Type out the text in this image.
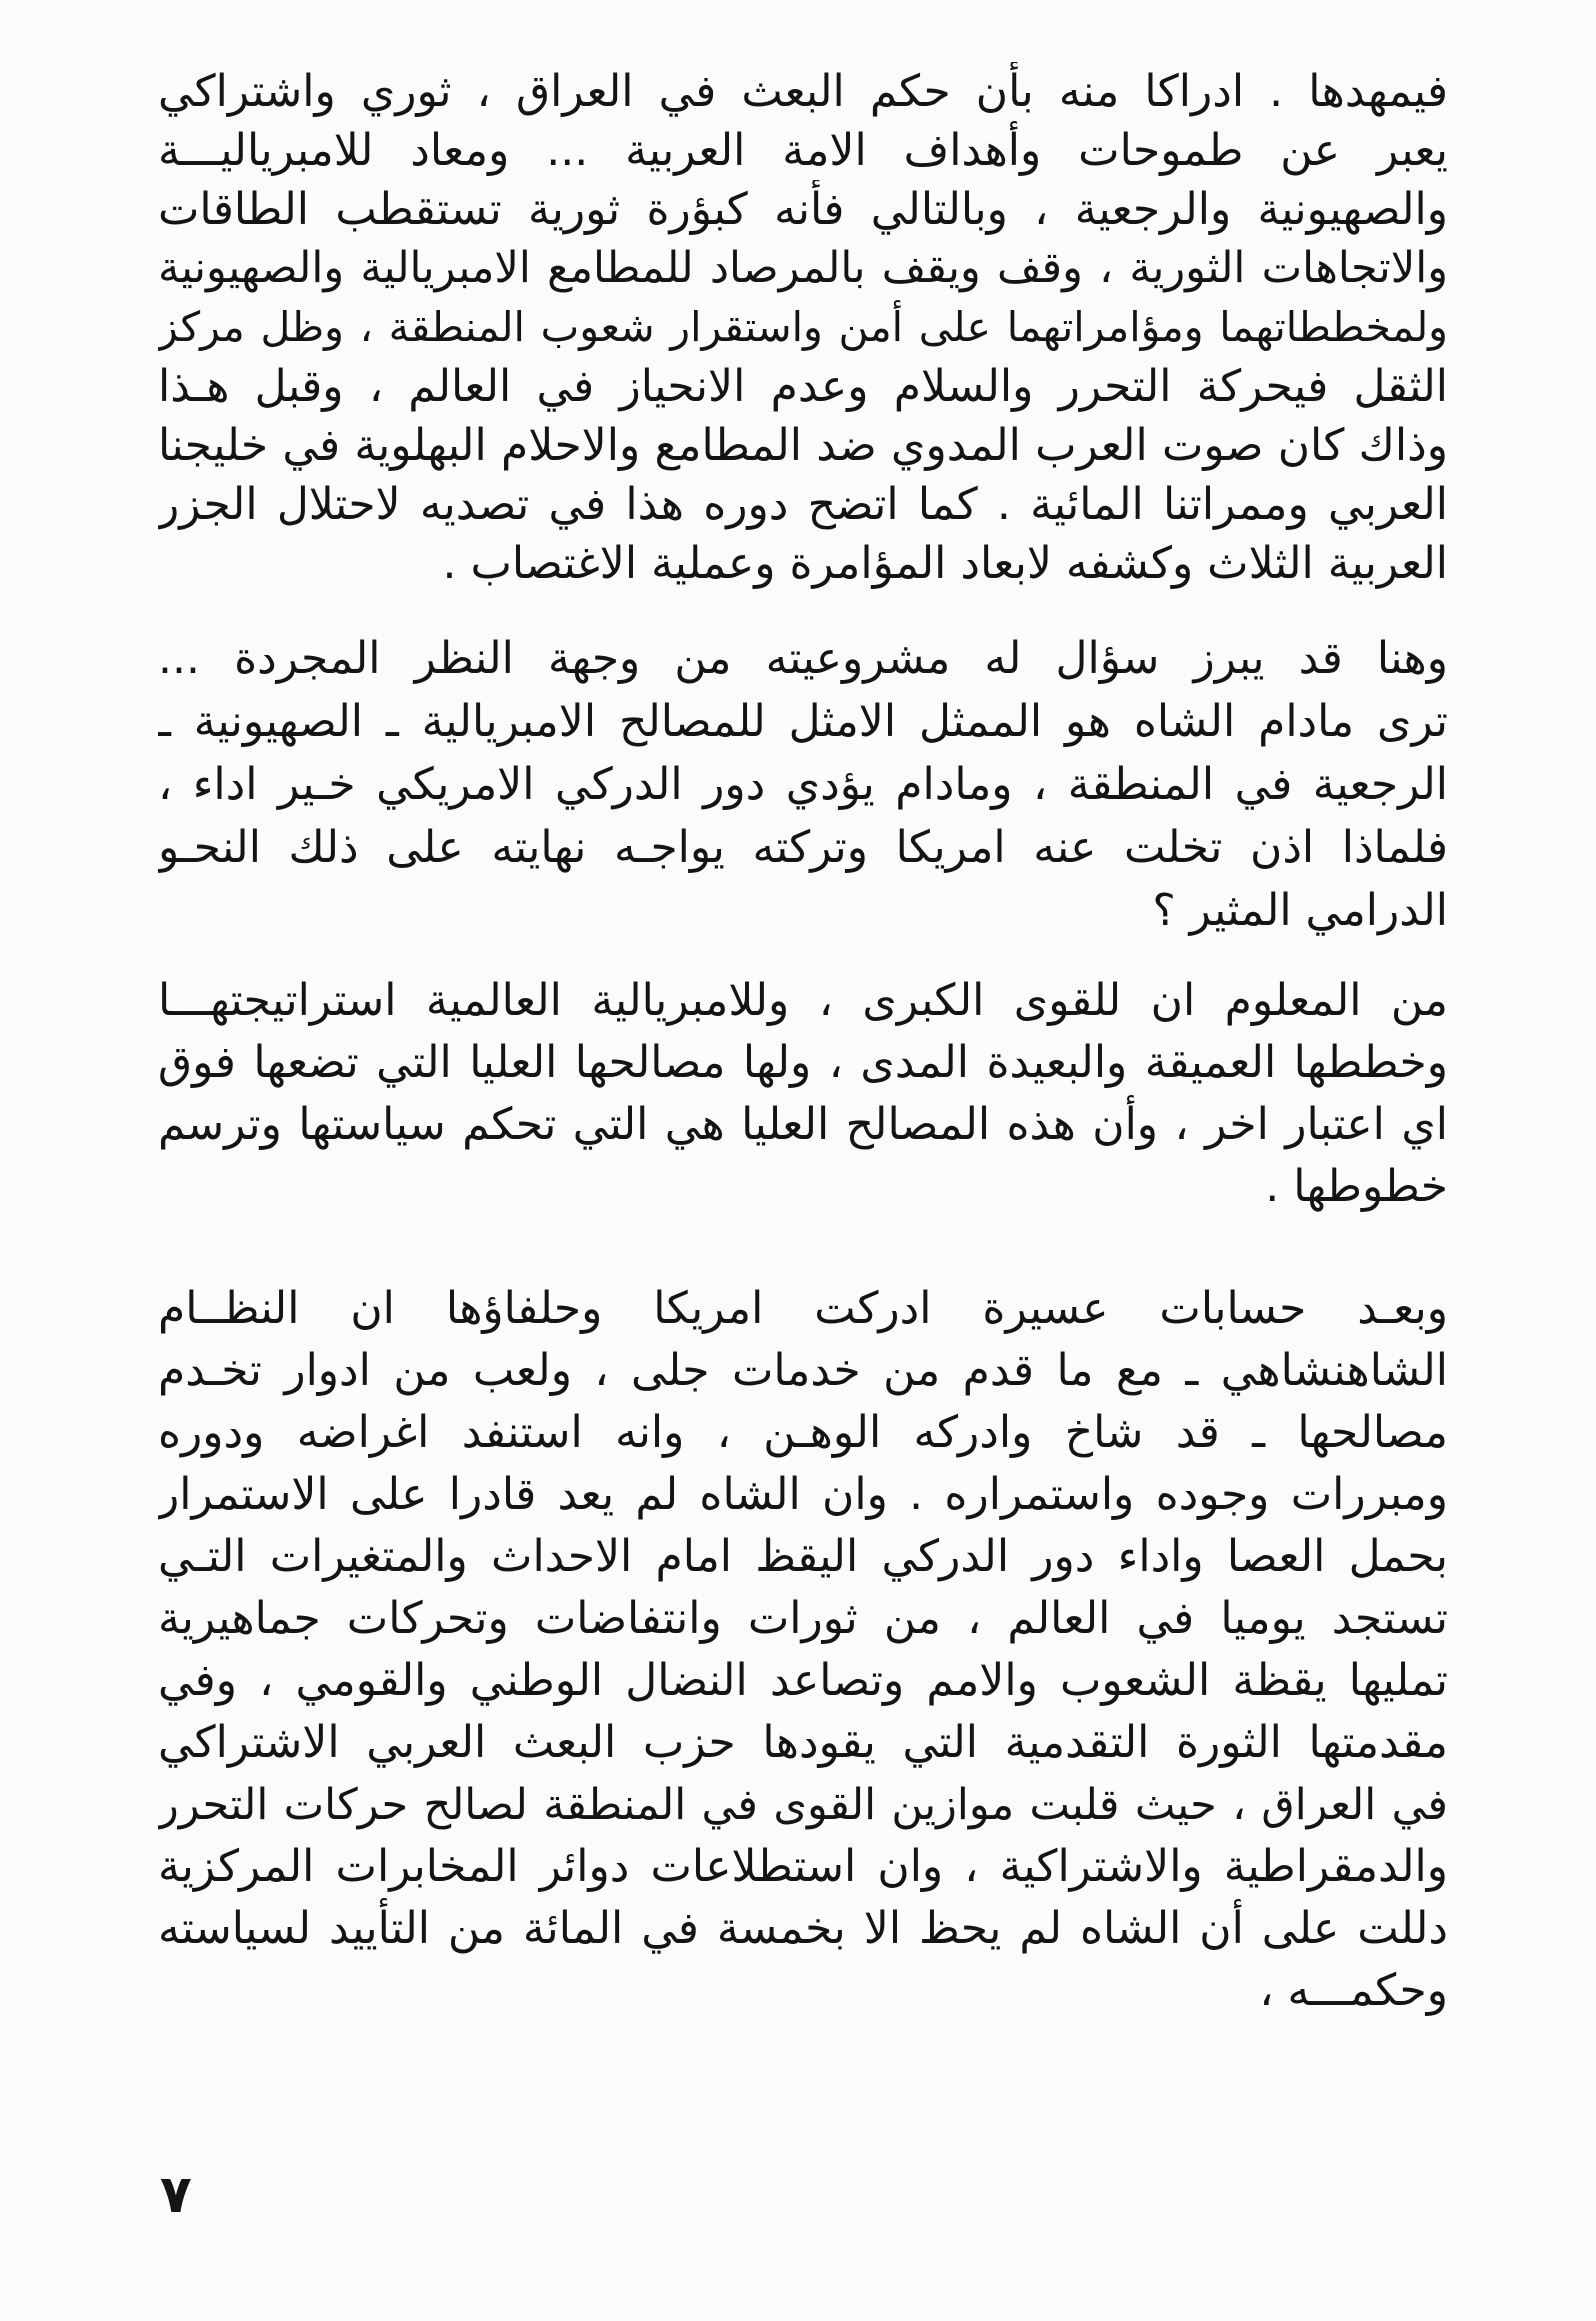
فيمهدها . ادراكا منه بأن حكم البعث في العراق ، ثوري واشتراكي
يعبر عن طموحات وأهداف الامة العربية ... ومعاد للامبرياليـــة
والصهيونية والرجعية ، وبالتالي فأنه كبؤرة ثورية تستقطب الطاقات
والاتجاهات الثورية ، وقف ويقف بالمرصاد للمطامع الامبريالية والصهيونية
ولمخططاتهما ومؤامراتهما على أمن واستقرار شعوب المنطقة ، وظل مركز
الثقل فيحركة التحرر والسلام وعدم الانحياز في العالم ، وقبل هـذا
وذاك كان صوت العرب المدوي ضد المطامع والاحلام البهلوية في خليجنا
العربي وممراتنا المائية . كما اتضح دوره هذا في تصديه لاحتلال الجزر
العربية الثلاث وكشفه لابعاد المؤامرة وعملية الاغتصاب .
وهنا قد يبرز سؤال له مشروعيته من وجهة النظر المجردة ...
ترى مادام الشاه هو الممثل الامثل للمصالح الامبريالية ـ الصهيونية ـ
الرجعية في المنطقة ، ومادام يؤدي دور الدركي الامريكي خـير اداء ،
فلماذا اذن تخلت عنه امريكا وتركته يواجـه نهايته على ذلك النحـو
الدرامي المثير ؟
من المعلوم ان للقوى الكبرى ، وللامبريالية العالمية استراتيجتهـــا
وخططها العميقة والبعيدة المدى ، ولها مصالحها العليا التي تضعها فوق
اي اعتبار اخر ، وأن هذه المصالح العليا هي التي تحكم سياستها وترسم
خطوطها .
وبعـد حسابات عسيرة ادركت امريكا وحلفاؤها ان النظــام
الشاهنشاهي ـ مع ما قدم من خدمات جلى ، ولعب من ادوار تخـدم
مصالحها ـ قد شاخ وادركه الوهـن ، وانه استنفد اغراضه ودوره
ومبررات وجوده واستمراره . وان الشاه لم يعد قادرا على الاستمرار
بحمل العصا واداء دور الدركي اليقظ امام الاحداث والمتغيرات التـي
تستجد يوميا في العالم ، من ثورات وانتفاضات وتحركات جماهيرية
تمليها يقظة الشعوب والامم وتصاعد النضال الوطني والقومي ، وفي
مقدمتها الثورة التقدمية التي يقودها حزب البعث العربي الاشتراكي
في العراق ، حيث قلبت موازين القوى في المنطقة لصالح حركات التحرر
والدمقراطية والاشتراكية ، وان استطلاعات دوائر المخابرات المركزية
دللت على أن الشاه لم يحظ الا بخمسة في المائة من التأييد لسياسته
وحكمـــه ،
٧
